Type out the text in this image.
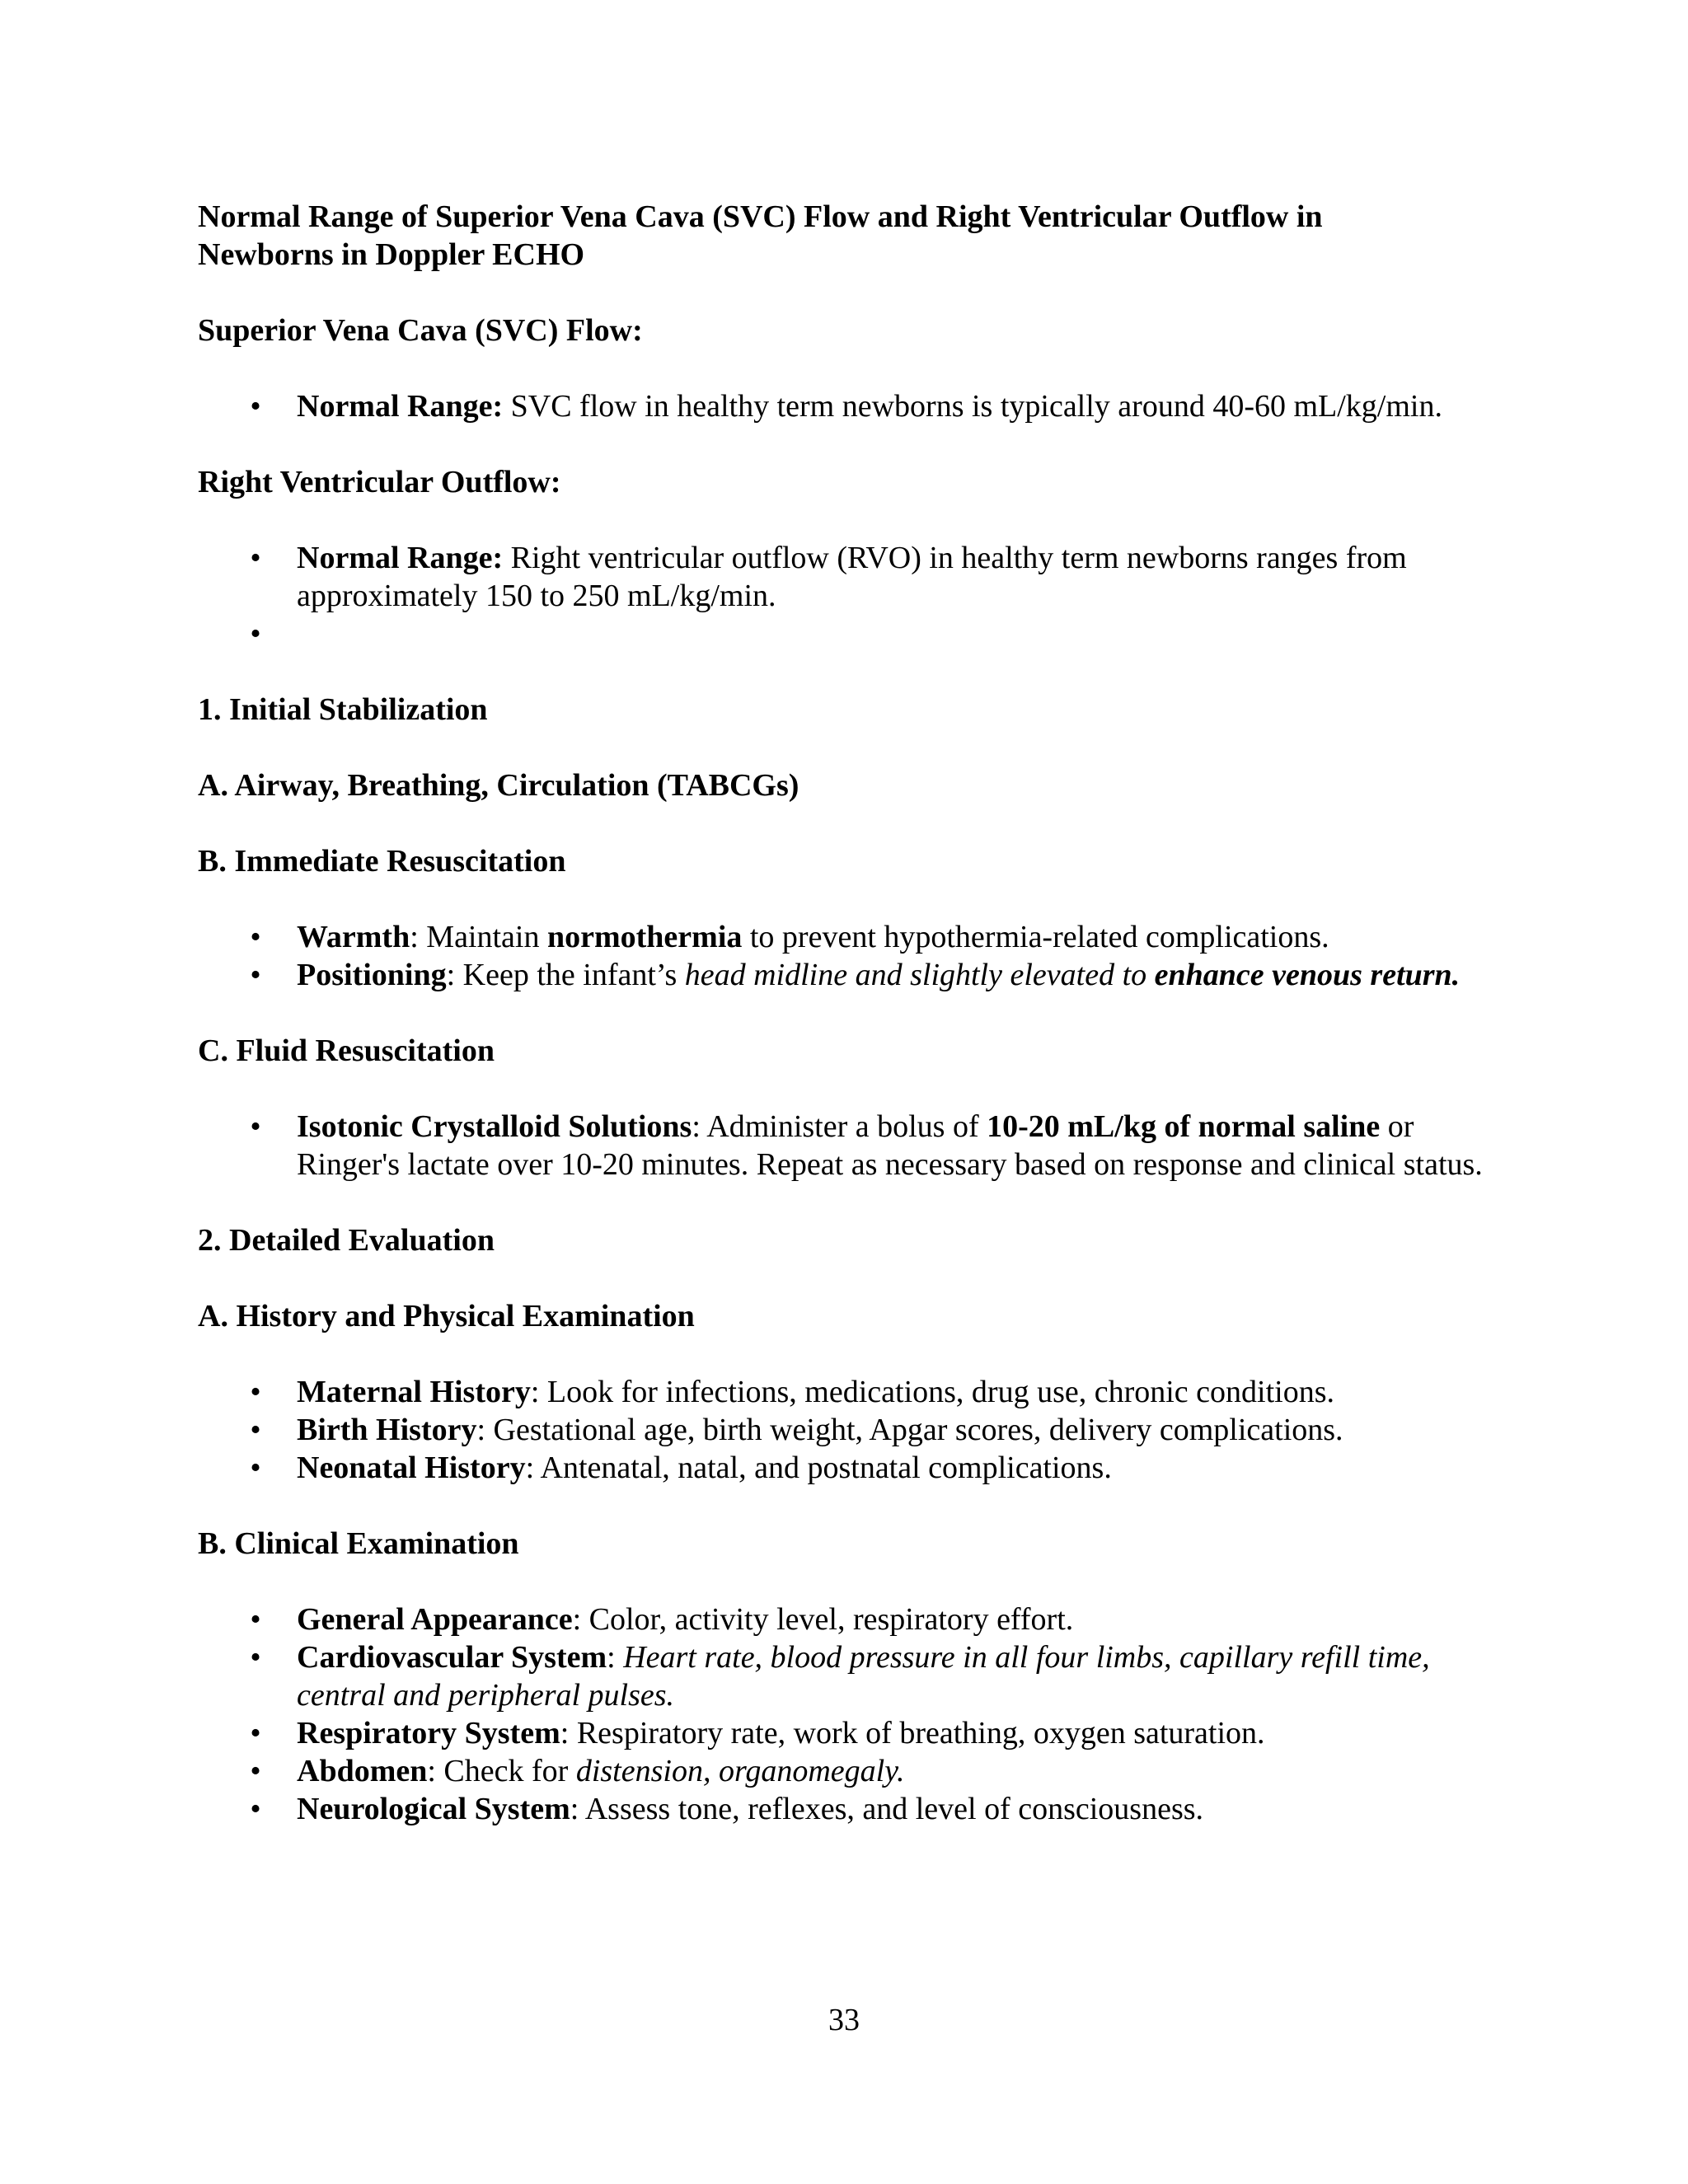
Normal Range of Superior Vena Cava (SVC) Flow and Right Ventricular Outflow in
Newborns in Doppler ECHO
Superior Vena Cava (SVC) Flow:
• Normal Range: SVC flow in healthy term newborns is typically around 40-60 mL/kg/min.
Right Ventricular Outflow:
• Normal Range: Right ventricular outflow (RVO) in healthy term newborns ranges from approximately 150 to 250 mL/kg/min.
•
1. Initial Stabilization
A. Airway, Breathing, Circulation (TABCGs)
B. Immediate Resuscitation
• Warmth: Maintain normothermia to prevent hypothermia-related complications.
• Positioning: Keep the infant’s head midline and slightly elevated to enhance venous return.
C. Fluid Resuscitation
• Isotonic Crystalloid Solutions: Administer a bolus of 10-20 mL/kg of normal saline or Ringer's lactate over 10-20 minutes. Repeat as necessary based on response and clinical status.
2. Detailed Evaluation
A. History and Physical Examination
• Maternal History: Look for infections, medications, drug use, chronic conditions.
• Birth History: Gestational age, birth weight, Apgar scores, delivery complications.
• Neonatal History: Antenatal, natal, and postnatal complications.
B. Clinical Examination
• General Appearance: Color, activity level, respiratory effort.
• Cardiovascular System: Heart rate, blood pressure in all four limbs, capillary refill time, central and peripheral pulses.
• Respiratory System: Respiratory rate, work of breathing, oxygen saturation.
• Abdomen: Check for distension, organomegaly.
• Neurological System: Assess tone, reflexes, and level of consciousness.
33
